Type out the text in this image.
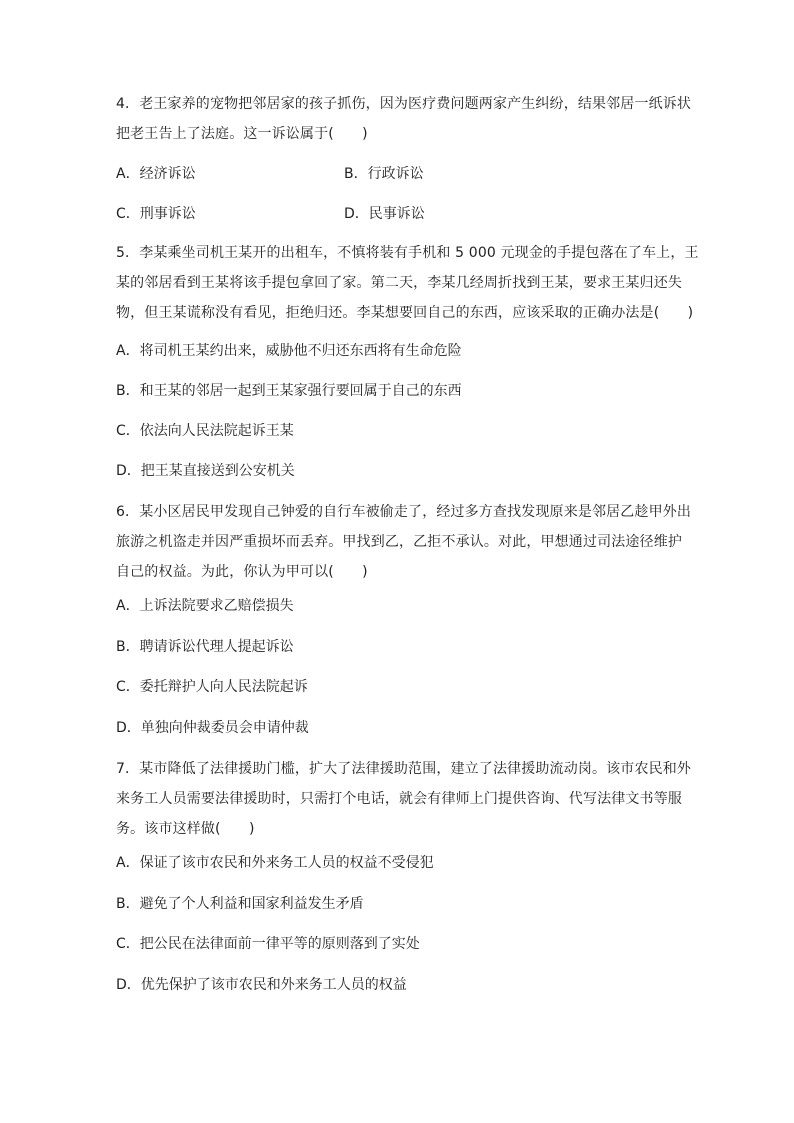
4．老王家养的宠物把邻居家的孩子抓伤，因为医疗费问题两家产生纠纷，结果邻居一纸诉状
把老王告上了法庭。这一诉讼属于(　　)

A．经济诉讼	B．行政诉讼
C．刑事诉讼	D．民事诉讼

5．李某乘坐司机王某开的出租车，不慎将装有手机和 5 000 元现金的手提包落在了车上，王
某的邻居看到王某将该手提包拿回了家。第二天，李某几经周折找到王某，要求王某归还失
物，但王某谎称没有看见，拒绝归还。李某想要回自己的东西，应该采取的正确办法是(　　)

A．将司机王某约出来，威胁他不归还东西将有生命危险
B．和王某的邻居一起到王某家强行要回属于自己的东西
C．依法向人民法院起诉王某
D．把王某直接送到公安机关

6．某小区居民甲发现自己钟爱的自行车被偷走了，经过多方查找发现原来是邻居乙趁甲外出
旅游之机盗走并因严重损坏而丢弃。甲找到乙，乙拒不承认。对此，甲想通过司法途径维护
自己的权益。为此，你认为甲可以(　　)

A．上诉法院要求乙赔偿损失
B．聘请诉讼代理人提起诉讼
C．委托辩护人向人民法院起诉
D．单独向仲裁委员会申请仲裁

7．某市降低了法律援助门槛，扩大了法律援助范围，建立了法律援助流动岗。该市农民和外
来务工人员需要法律援助时，只需打个电话，就会有律师上门提供咨询、代写法律文书等服
务。该市这样做(　　)

A．保证了该市农民和外来务工人员的权益不受侵犯
B．避免了个人利益和国家利益发生矛盾
C．把公民在法律面前一律平等的原则落到了实处
D．优先保护了该市农民和外来务工人员的权益
